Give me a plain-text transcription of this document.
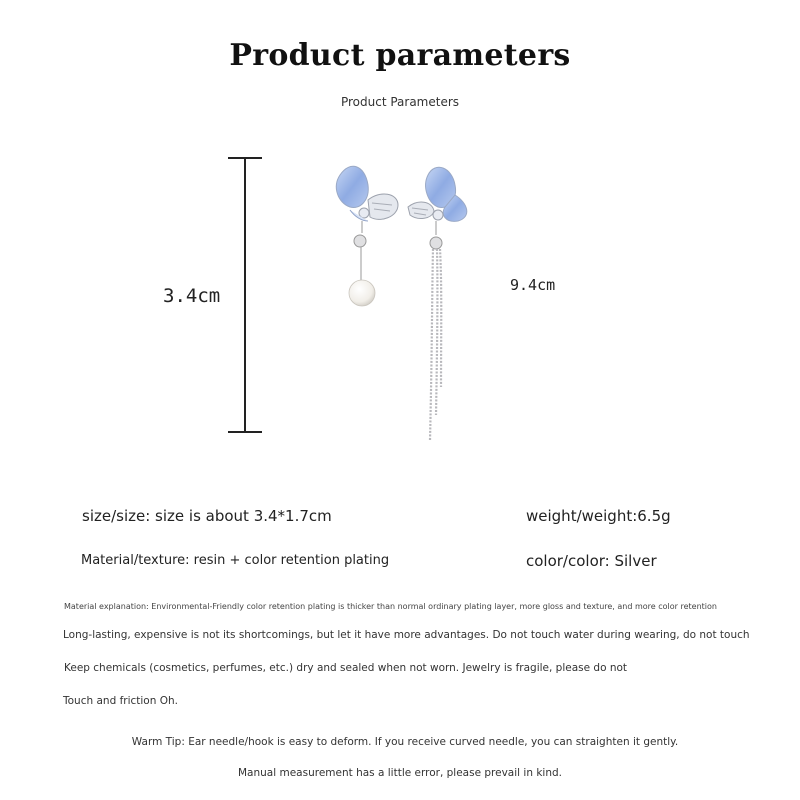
Product parameters
Product Parameters
3.4cm	9.4cm
size/size: size is about 3.4*1.7cm	weight/weight:6.5g
Material/texture: resin + color retention plating	color/color: Silver
Material explanation: Environmental-Friendly color retention plating is thicker than normal ordinary plating layer, more gloss and texture, and more color retention
Long-lasting, expensive is not its shortcomings, but let it have more advantages. Do not touch water during wearing, do not touch
Keep chemicals (cosmetics, perfumes, etc.) dry and sealed when not worn. Jewelry is fragile, please do not
Touch and friction Oh.
Warm Tip: Ear needle/hook is easy to deform. If you receive curved needle, you can straighten it gently.
Manual measurement has a little error, please prevail in kind.
